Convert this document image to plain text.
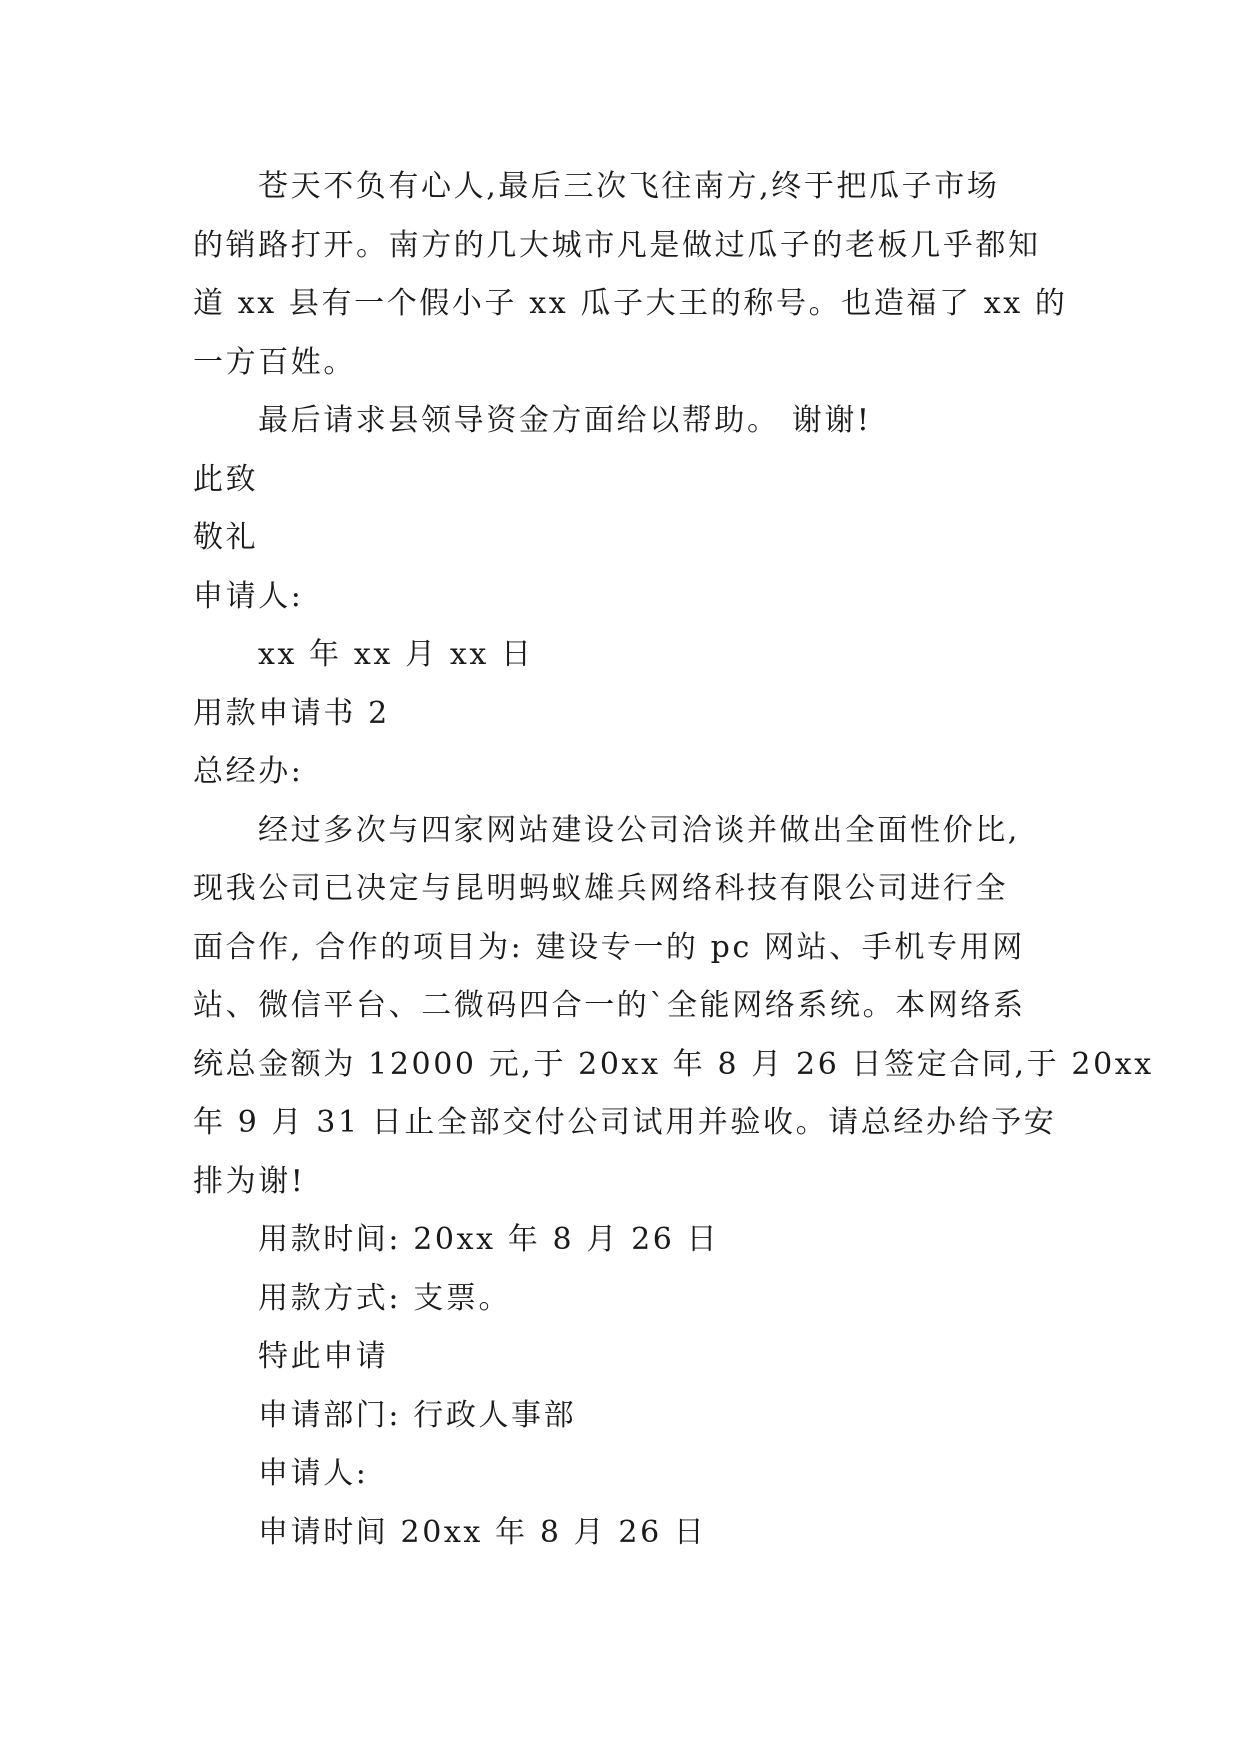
苍天不负有心人,最后三次飞往南方,终于把瓜子市场
的销路打开。南方的几大城市凡是做过瓜子的老板几乎都知
道 xx 县有一个假小子 xx 瓜子大王的称号。也造福了 xx 的
一方百姓。
最后请求县领导资金方面给以帮助。 谢谢!
此致
敬礼
申请人:
xx 年 xx 月 xx 日
用款申请书 2
总经办:
经过多次与四家网站建设公司洽谈并做出全面性价比,
现我公司已决定与昆明蚂蚁雄兵网络科技有限公司进行全
面合作, 合作的项目为: 建设专一的 pc 网站、手机专用网
站、微信平台、二微码四合一的`全能网络系统。本网络系
统总金额为 12000 元,于 20xx 年 8 月 26 日签定合同,于 20xx
年 9 月 31 日止全部交付公司试用并验收。请总经办给予安
排为谢!
用款时间: 20xx 年 8 月 26 日
用款方式: 支票。
特此申请
申请部门: 行政人事部
申请人:
申请时间 20xx 年 8 月 26 日
